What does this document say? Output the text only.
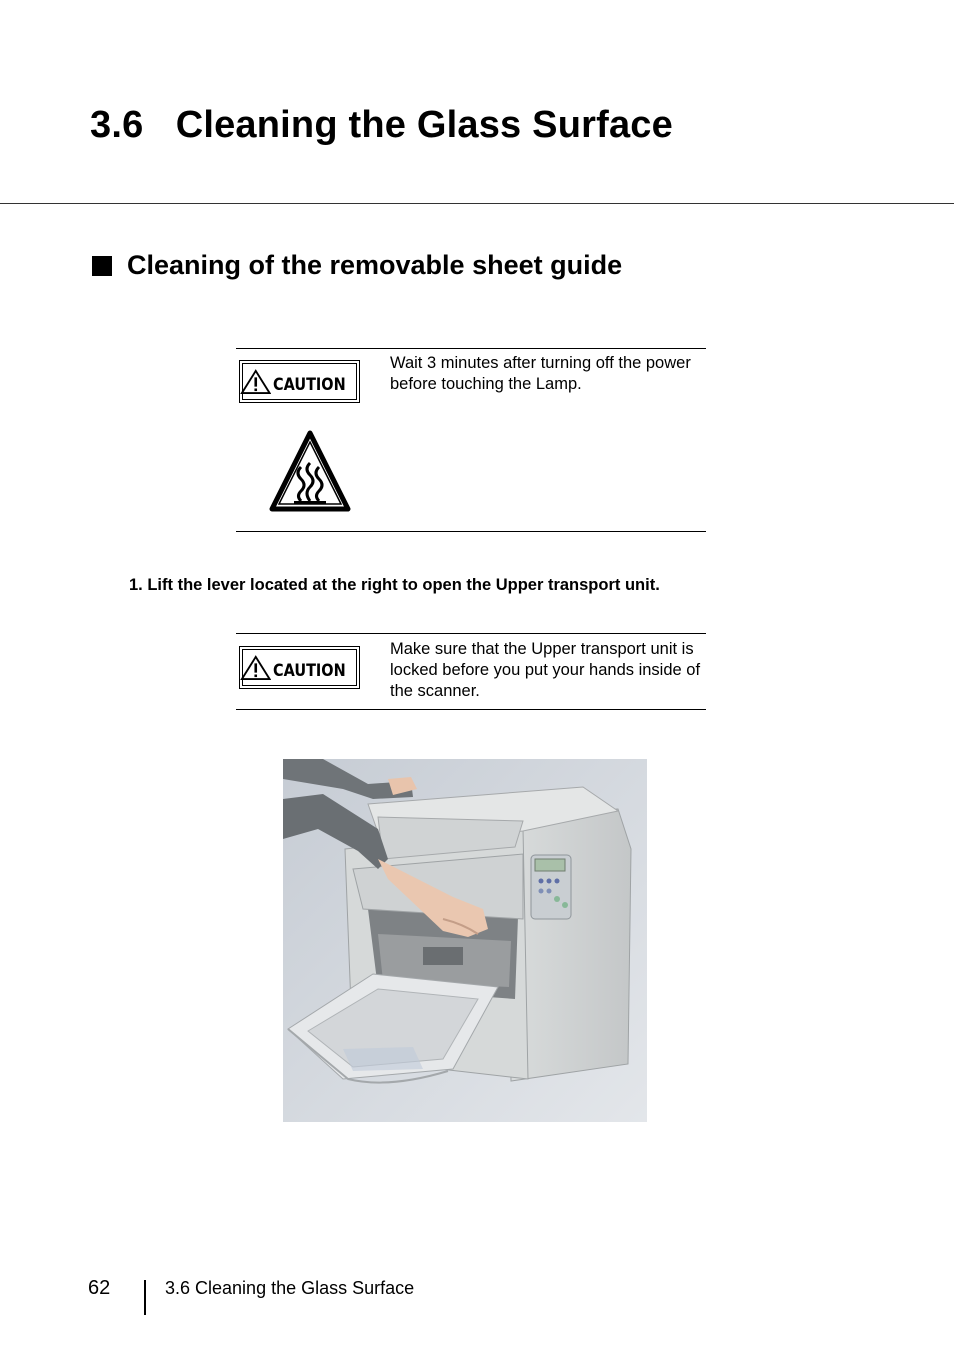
3.6   Cleaning the Glass Surface
Cleaning of the removable sheet guide
CAUTION
Wait 3 minutes after turning off the power before touching the Lamp.
1. Lift the lever located at the right to open the Upper transport unit.
CAUTION
Make sure that the Upper transport unit is locked before you put your hands inside of the scanner.
62	3.6 Cleaning the Glass Surface
